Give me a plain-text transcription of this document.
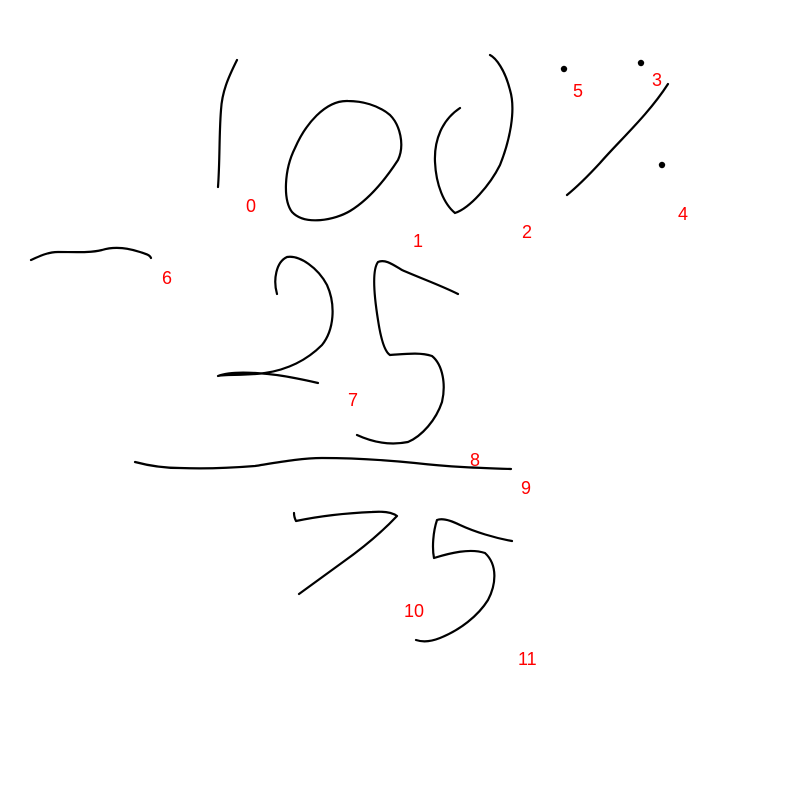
0
1	2
3
4
5
6
7
8
9
10
11
